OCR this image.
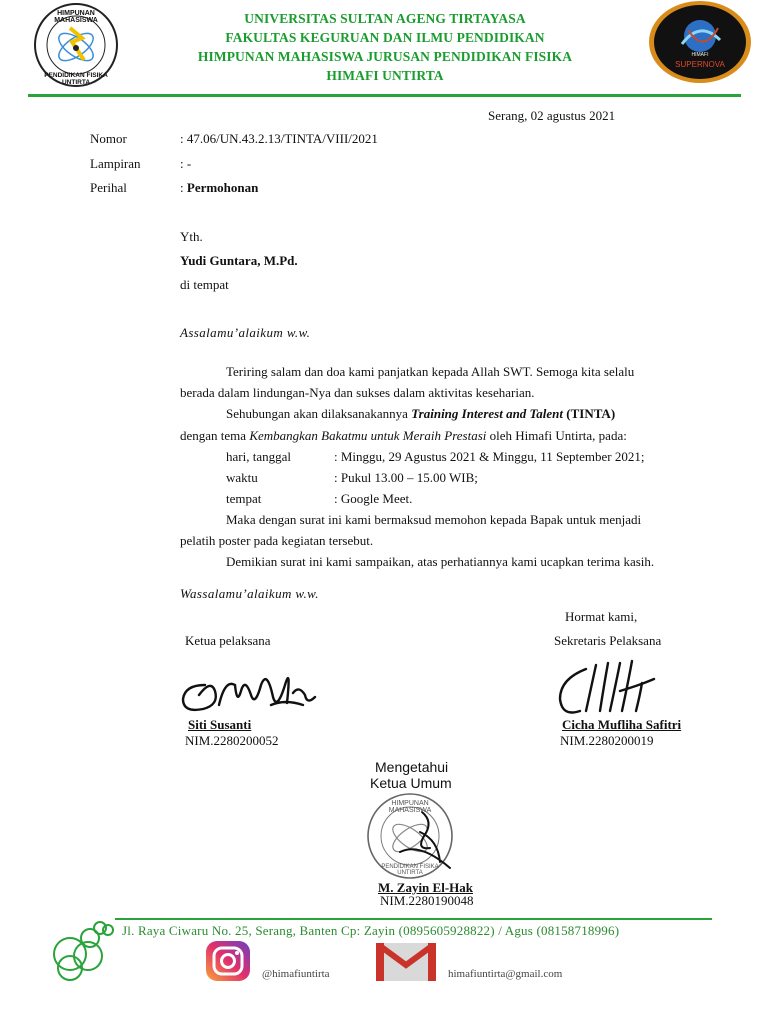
HIMPUNAN MAHASISWA
PENDIDIKAN FISIKA UNTIRTA
UNIVERSITAS SULTAN AGENG TIRTAYASA
FAKULTAS KEGURUAN DAN ILMU PENDIDIKAN
HIMPUNAN MAHASISWA JURUSAN PENDIDIKAN FISIKA
HIMAFI UNTIRTA
HIMAFI
SUPERNOVA
Serang, 02 agustus 2021
Nomor	: 47.06/UN.43.2.13/TINTA/VIII/2021
Lampiran	: -
Perihal	: Permohonan
Yth.
Yudi Guntara, M.Pd.
di tempat
Assalamu’alaikum w.w.
Teriring salam dan doa kami panjatkan kepada Allah SWT. Semoga kita selalu
berada dalam lindungan-Nya dan sukses dalam aktivitas keseharian.
Sehubungan akan dilaksanakannya Training Interest and Talent (TINTA)
dengan tema Kembangkan Bakatmu untuk Meraih Prestasi oleh Himafi Untirta, pada:
hari, tanggal	: Minggu, 29 Agustus 2021 & Minggu, 11 September 2021;
waktu	: Pukul 13.00 – 15.00 WIB;
tempat	: Google Meet.
Maka dengan surat ini kami bermaksud memohon kepada Bapak untuk menjadi
pelatih poster pada kegiatan tersebut.
Demikian surat ini kami sampaikan, atas perhatiannya kami ucapkan terima kasih.
Wassalamu’alaikum w.w.
Hormat kami,
Ketua pelaksana	Sekretaris Pelaksana
Siti Susanti
NIM.2280200052
Cicha Mufliha Safitri
NIM.2280200019
Mengetahui
Ketua Umum
HIMPUNAN MAHASISWA
PENDIDIKAN FISIKA UNTIRTA
M. Zayin El-Hak
NIM.2280190048
Jl. Raya Ciwaru No. 25, Serang, Banten Cp: Zayin (0895605928822) / Agus (08158718996)
@himafiuntirta	himafiuntirta@gmail.com
